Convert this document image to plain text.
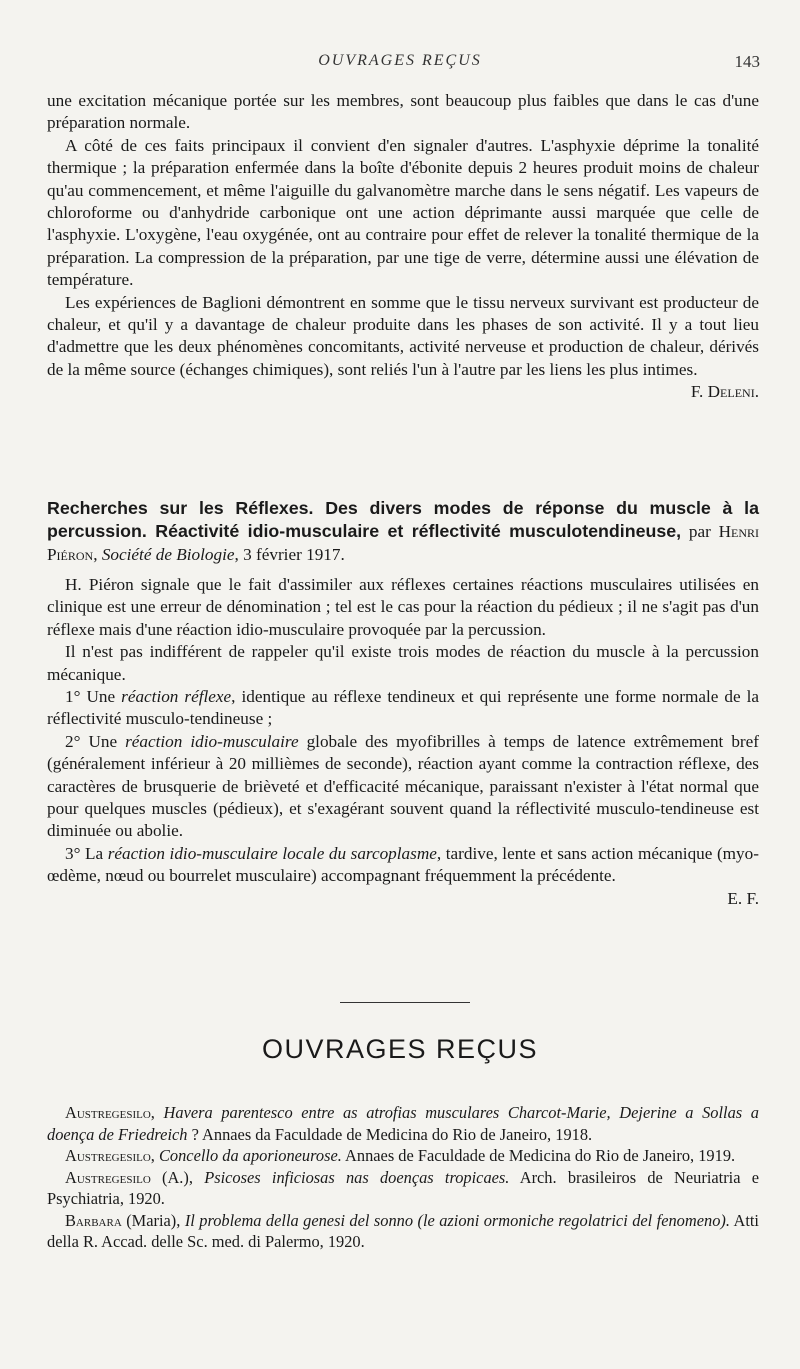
OUVRAGES REÇUS	143

une excitation mécanique portée sur les membres, sont beaucoup plus faibles que dans le cas d'une préparation normale.

A côté de ces faits principaux il convient d'en signaler d'autres. L'asphyxie déprime la tonalité thermique ; la préparation enfermée dans la boîte d'ébonite depuis 2 heures produit moins de chaleur qu'au commencement, et même l'aiguille du galvanomètre marche dans le sens négatif. Les vapeurs de chloroforme ou d'anhydride carbonique ont une action déprimante aussi marquée que celle de l'asphyxie. L'oxygène, l'eau oxygénée, ont au contraire pour effet de relever la tonalité thermique de la préparation. La compression de la préparation, par une tige de verre, détermine aussi une élévation de température.

Les expériences de Baglioni démontrent en somme que le tissu nerveux survivant est producteur de chaleur, et qu'il y a davantage de chaleur produite dans les phases de son activité. Il y a tout lieu d'admettre que les deux phénomènes concomitants, activité nerveuse et production de chaleur, dérivés de la même source (échanges chimiques), sont reliés l'un à l'autre par les liens les plus intimes.

F. Deleni.

Recherches sur les Réflexes. Des divers modes de réponse du muscle à la percussion. Réactivité idio-musculaire et réflectivité musculotendineuse, par Henri Piéron, Société de Biologie, 3 février 1917.

H. Piéron signale que le fait d'assimiler aux réflexes certaines réactions musculaires utilisées en clinique est une erreur de dénomination ; tel est le cas pour la réaction du pédieux ; il ne s'agit pas d'un réflexe mais d'une réaction idio-musculaire provoquée par la percussion.

Il n'est pas indifférent de rappeler qu'il existe trois modes de réaction du muscle à la percussion mécanique.

1° Une réaction réflexe, identique au réflexe tendineux et qui représente une forme normale de la réflectivité musculo-tendineuse ;

2° Une réaction idio-musculaire globale des myofibrilles à temps de latence extrêmement bref (généralement inférieur à 20 millièmes de seconde), réaction ayant comme la contraction réflexe, des caractères de brusquerie de brièveté et d'efficacité mécanique, paraissant n'exister à l'état normal que pour quelques muscles (pédieux), et s'exagérant souvent quand la réflectivité musculo-tendineuse est diminuée ou abolie.

3° La réaction idio-musculaire locale du sarcoplasme, tardive, lente et sans action mécanique (myo-œdème, nœud ou bourrelet musculaire) accompagnant fréquemment la précédente.

E. F.

OUVRAGES REÇUS

Austregesilo, Havera parentesco entre as atrofias musculares Charcot-Marie, Dejerine a Sollas a doença de Friedreich ? Annaes da Faculdade de Medicina do Rio de Janeiro, 1918.

Austregesilo, Concello da aporioneurose. Annaes de Faculdade de Medicina do Rio de Janeiro, 1919.

Austregesilo (A.), Psicoses inficiosas nas doenças tropicaes. Arch. brasileiros de Neuriatria e Psychiatria, 1920.

Barbara (Maria), Il problema della genesi del sonno (le azioni ormoniche regolatrici del fenomeno). Atti della R. Accad. delle Sc. med. di Palermo, 1920.
